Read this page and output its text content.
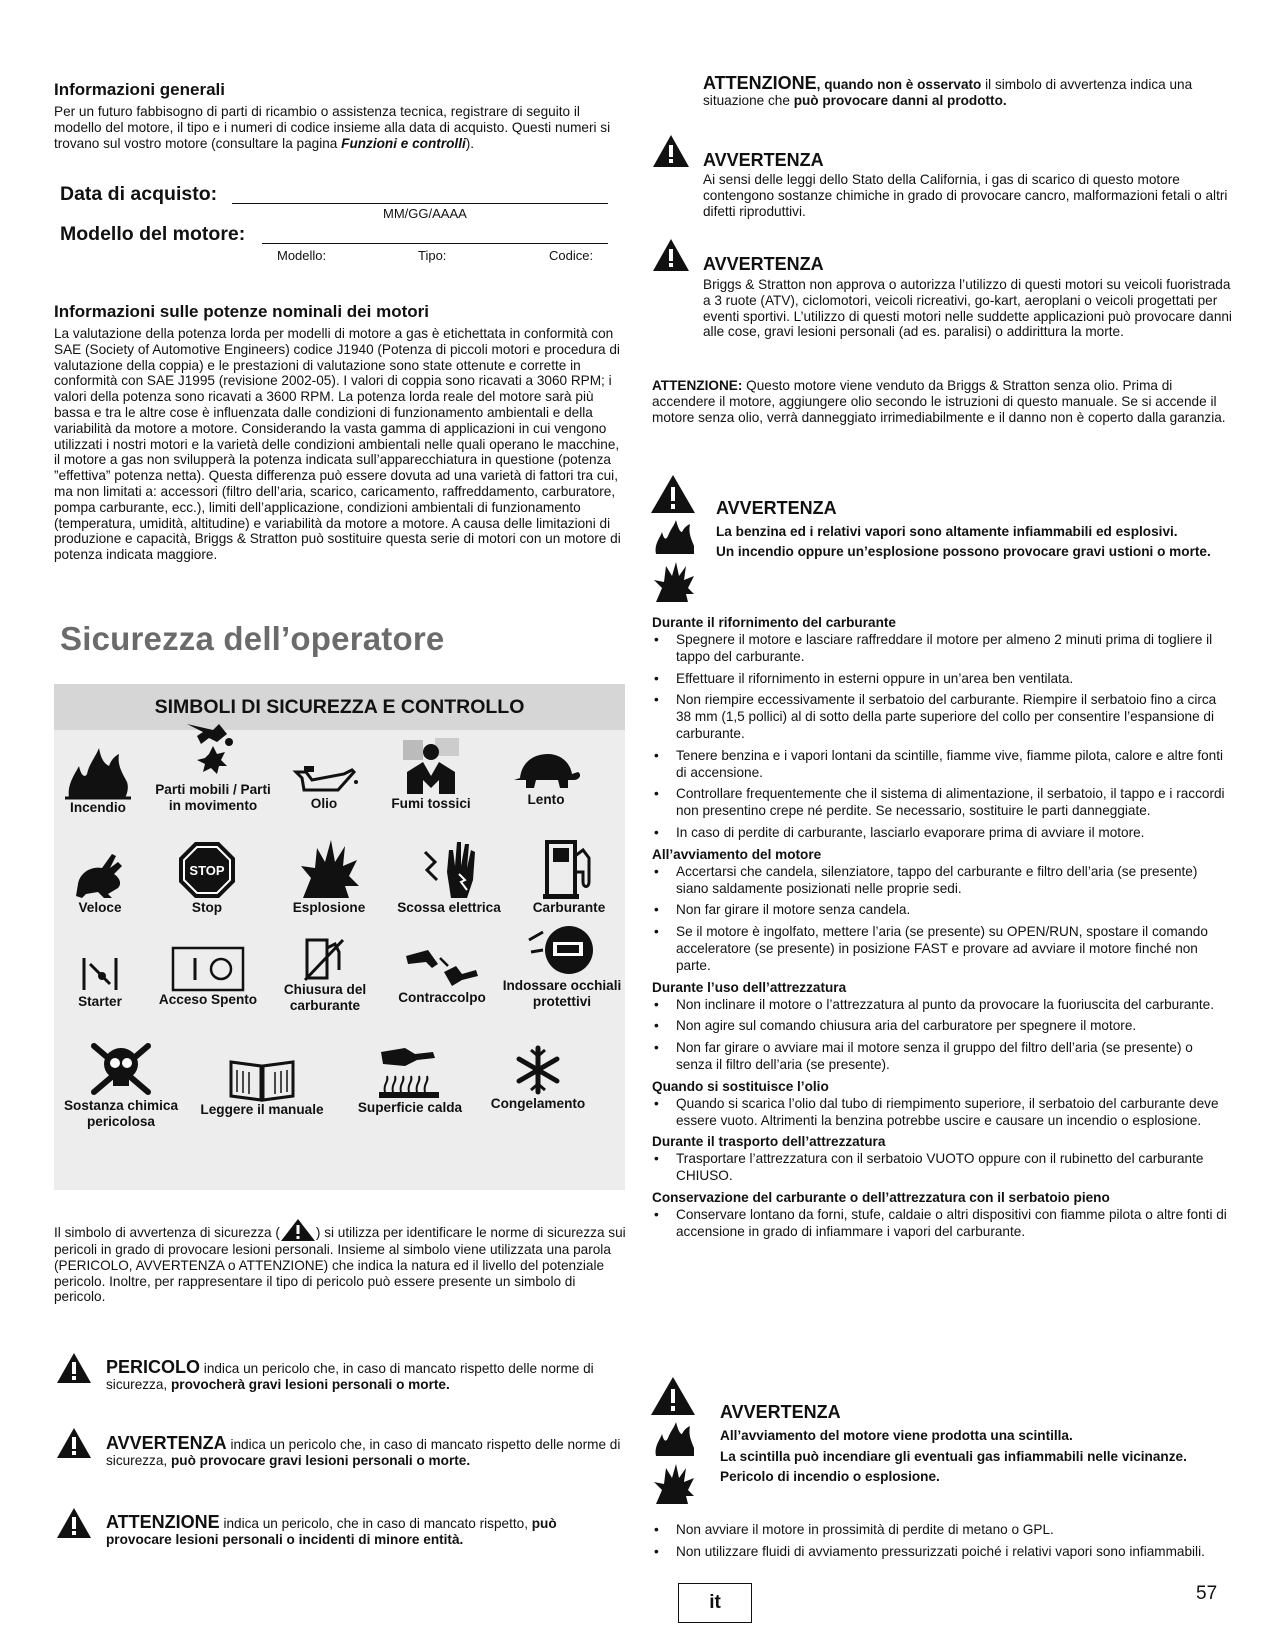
Informazioni generali
Per un futuro fabbisogno di parti di ricambio o assistenza tecnica, registrare di seguito il modello del motore, il tipo e i numeri di codice insieme alla data di acquisto. Questi numeri si trovano sul vostro motore (consultare la pagina Funzioni e controlli).
Data di acquisto:
MM/GG/AAAA
Modello del motore:
Modello:	Tipo:	Codice:
Informazioni sulle potenze nominali dei motori
La valutazione della potenza lorda per modelli di motore a gas è etichettata in conformità con SAE (Society of Automotive Engineers) codice J1940 (Potenza di piccoli motori e procedura di valutazione della coppia) e le prestazioni di valutazione sono state ottenute e corrette in conformità con SAE J1995 (revisione 2002-05). I valori di coppia sono ricavati a 3060 RPM; i valori della potenza sono ricavati a 3600 RPM. La potenza lorda reale del motore sarà più bassa e tra le altre cose è influenzata dalle condizioni di funzionamento ambientali e della variabilità da motore a motore. Considerando la vasta gamma di applicazioni in cui vengono utilizzati i nostri motori e la varietà delle condizioni ambientali nelle quali operano le macchine, il motore a gas non svilupperà la potenza indicata sull’apparecchiatura in questione (potenza ”effettiva” potenza netta). Questa differenza può essere dovuta ad una varietà di fattori tra cui, ma non limitati a: accessori (filtro dell’aria, scarico, caricamento, raffreddamento, carburatore, pompa carburante, ecc.), limiti dell’applicazione, condizioni ambientali di funzionamento (temperatura, umidità, altitudine) e variabilità da motore a motore. A causa delle limitazioni di produzione e capacità, Briggs & Stratton può sostituire questa serie di motori con un motore di potenza indicata maggiore.
Sicurezza dell’operatore
SIMBOLI DI SICUREZZA E CONTROLLO
Incendio
Parti mobili / Parti in movimento	Olio	Fumi tossici	Lento
Veloce
STOP
Stop	Esplosione	Scossa elettrica	Carburante
Starter	Acceso Spento
Chiusura del carburante	Contraccolpo
Indossare occhiali protettivi
Sostanza chimica pericolosa
Leggere il manuale	Superficie calda	Congelamento
Il simbolo di avvertenza di sicurezza (	) si utilizza per identificare le norme di sicurezza sui pericoli in grado di provocare lesioni personali. Insieme al simbolo viene utilizzata una parola (PERICOLO, AVVERTENZA o ATTENZIONE) che indica la natura ed il livello del potenziale pericolo. Inoltre, per rappresentare il tipo di pericolo può essere presente un simbolo di pericolo.
PERICOLO indica un pericolo che, in caso di mancato rispetto delle norme di sicurezza, provocherà gravi lesioni personali o morte.
AVVERTENZA indica un pericolo che, in caso di mancato rispetto delle norme di sicurezza, può provocare gravi lesioni personali o morte.
ATTENZIONE indica un pericolo, che in caso di mancato rispetto, può provocare lesioni personali o incidenti di minore entità.
ATTENZIONE, quando non è osservato il simbolo di avvertenza indica una situazione che può provocare danni al prodotto.
AVVERTENZA
Ai sensi delle leggi dello Stato della California, i gas di scarico di questo motore contengono sostanze chimiche in grado di provocare cancro, malformazioni fetali o altri difetti riproduttivi.
AVVERTENZA
Briggs & Stratton non approva o autorizza l’utilizzo di questi motori su veicoli fuoristrada a 3 ruote (ATV), ciclomotori, veicoli ricreativi, go-kart, aeroplani o veicoli progettati per eventi sportivi. L’utilizzo di questi motori nelle suddette applicazioni può provocare danni alle cose, gravi lesioni personali (ad es. paralisi) o addirittura la morte.
ATTENZIONE: Questo motore viene venduto da Briggs & Stratton senza olio. Prima di accendere il motore, aggiungere olio secondo le istruzioni di questo manuale. Se si accende il motore senza olio, verrà danneggiato irrimediabilmente e il danno non è coperto dalla garanzia.
AVVERTENZA
La benzina ed i relativi vapori sono altamente infiammabili ed esplosivi.
Un incendio oppure un’esplosione possono provocare gravi ustioni o morte.
Durante il rifornimento del carburante
• Spegnere il motore e lasciare raffreddare il motore per almeno 2 minuti prima di togliere il tappo del carburante.
• Effettuare il rifornimento in esterni oppure in un’area ben ventilata.
• Non riempire eccessivamente il serbatoio del carburante. Riempire il serbatoio fino a circa 38 mm (1,5 pollici) al di sotto della parte superiore del collo per consentire l’espansione di carburante.
• Tenere benzina e i vapori lontani da scintille, fiamme vive, fiamme pilota, calore e altre fonti di accensione.
• Controllare frequentemente che il sistema di alimentazione, il serbatoio, il tappo e i raccordi non presentino crepe né perdite. Se necessario, sostituire le parti danneggiate.
• In caso di perdite di carburante, lasciarlo evaporare prima di avviare il motore.
All’avviamento del motore
• Accertarsi che candela, silenziatore, tappo del carburante e filtro dell’aria (se presente) siano saldamente posizionati nelle proprie sedi.
• Non far girare il motore senza candela.
• Se il motore è ingolfato, mettere l’aria (se presente) su OPEN/RUN, spostare il comando acceleratore (se presente) in posizione FAST e provare ad avviare il motore finché non parte.
Durante l’uso dell’attrezzatura
• Non inclinare il motore o l’attrezzatura al punto da provocare la fuoriuscita del carburante.
• Non agire sul comando chiusura aria del carburatore per spegnere il motore.
• Non far girare o avviare mai il motore senza il gruppo del filtro dell’aria (se presente) o senza il filtro dell’aria (se presente).
Quando si sostituisce l’olio
• Quando si scarica l’olio dal tubo di riempimento superiore, il serbatoio del carburante deve essere vuoto. Altrimenti la benzina potrebbe uscire e causare un incendio o esplosione.
Durante il trasporto dell’attrezzatura
• Trasportare l’attrezzatura con il serbatoio VUOTO oppure con il rubinetto del carburante CHIUSO.
Conservazione del carburante o dell’attrezzatura con il serbatoio pieno
• Conservare lontano da forni, stufe, caldaie o altri dispositivi con fiamme pilota o altre fonti di accensione in grado di infiammare i vapori del carburante.
AVVERTENZA
All’avviamento del motore viene prodotta una scintilla.
La scintilla può incendiare gli eventuali gas infiammabili nelle vicinanze.
Pericolo di incendio o esplosione.
• Non avviare il motore in prossimità di perdite di metano o GPL.
• Non utilizzare fluidi di avviamento pressurizzati poiché i relativi vapori sono infiammabili.
it	57
